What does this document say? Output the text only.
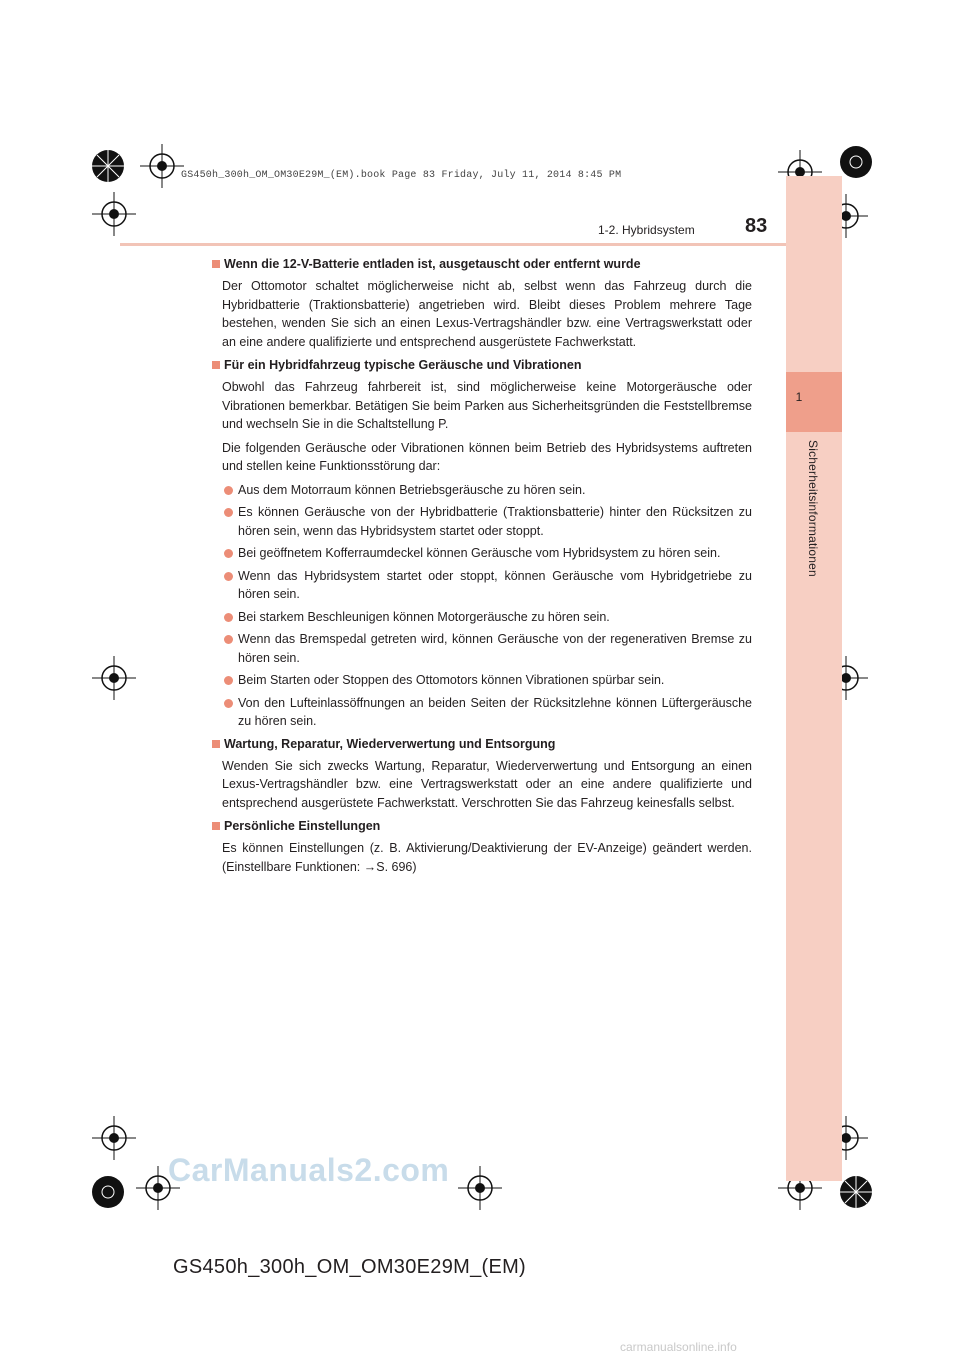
GS450h_300h_OM_OM30E29M_(EM).book Page 83 Friday, July 11, 2014 8:45 PM
1-2. Hybridsystem	83
1
Sicherheitsinformationen
Wenn die 12-V-Batterie entladen ist, ausgetauscht oder entfernt wurde

Der Ottomotor schaltet möglicherweise nicht ab, selbst wenn das Fahrzeug durch die Hybridbatterie (Traktionsbatterie) angetrieben wird. Bleibt dieses Problem mehrere Tage bestehen, wenden Sie sich an einen Lexus-Vertragshändler bzw. eine Vertragswerkstatt oder an eine andere qualifizierte und entsprechend ausgerüstete Fachwerkstatt.

Für ein Hybridfahrzeug typische Geräusche und Vibrationen

Obwohl das Fahrzeug fahrbereit ist, sind möglicherweise keine Motorgeräusche oder Vibrationen bemerkbar. Betätigen Sie beim Parken aus Sicherheitsgründen die Feststellbremse und wechseln Sie in die Schaltstellung P.

Die folgenden Geräusche oder Vibrationen können beim Betrieb des Hybridsystems auftreten und stellen keine Funktionsstörung dar:

Aus dem Motorraum können Betriebsgeräusche zu hören sein.
Es können Geräusche von der Hybridbatterie (Traktionsbatterie) hinter den Rücksitzen zu hören sein, wenn das Hybridsystem startet oder stoppt.
Bei geöffnetem Kofferraumdeckel können Geräusche vom Hybridsystem zu hören sein.
Wenn das Hybridsystem startet oder stoppt, können Geräusche vom Hybridgetriebe zu hören sein.
Bei starkem Beschleunigen können Motorgeräusche zu hören sein.
Wenn das Bremspedal getreten wird, können Geräusche von der regenerativen Bremse zu hören sein.
Beim Starten oder Stoppen des Ottomotors können Vibrationen spürbar sein.
Von den Lufteinlassöffnungen an beiden Seiten der Rücksitzlehne können Lüftergeräusche zu hören sein.
Wartung, Reparatur, Wiederverwertung und Entsorgung

Wenden Sie sich zwecks Wartung, Reparatur, Wiederverwertung und Entsorgung an einen Lexus-Vertragshändler bzw. eine Vertragswerkstatt oder an eine andere qualifizierte und entsprechend ausgerüstete Fachwerkstatt. Verschrotten Sie das Fahrzeug keinesfalls selbst.

Persönliche Einstellungen

Es können Einstellungen (z. B. Aktivierung/Deaktivierung der EV-Anzeige) geändert werden. (Einstellbare Funktionen: →S. 696)

CarManuals2.com
GS450h_300h_OM_OM30E29M_(EM)
carmanualsonline.info
